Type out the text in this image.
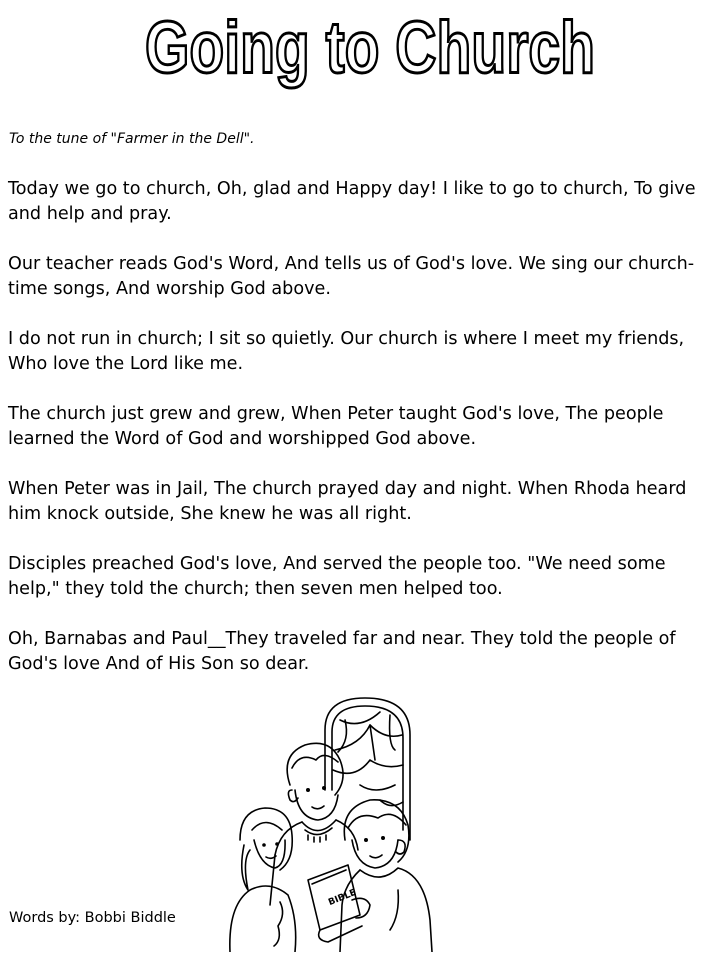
Going to Church
To the tune of "Farmer in the Dell".

Today we go to church, Oh, glad and Happy day! I like to go to church, To give and help and pray.

Our teacher reads God's Word, And tells us of God's love. We sing our church-time songs, And worship God above.

I do not run in church; I sit so quietly. Our church is where I meet my friends, Who love the Lord like me.

The church just grew and grew, When Peter taught God's love, The people learned the Word of God and worshipped God above.

When Peter was in Jail, The church prayed day and night. When Rhoda heard him knock outside, She knew he was all right.

Disciples preached God's love, And served the people too. "We need some help," they told the church; then seven men helped too.

Oh, Barnabas and Paul__They traveled far and near. They told the people of God's love And of His Son so dear.

BIBLE
Words by: Bobbi Biddle
